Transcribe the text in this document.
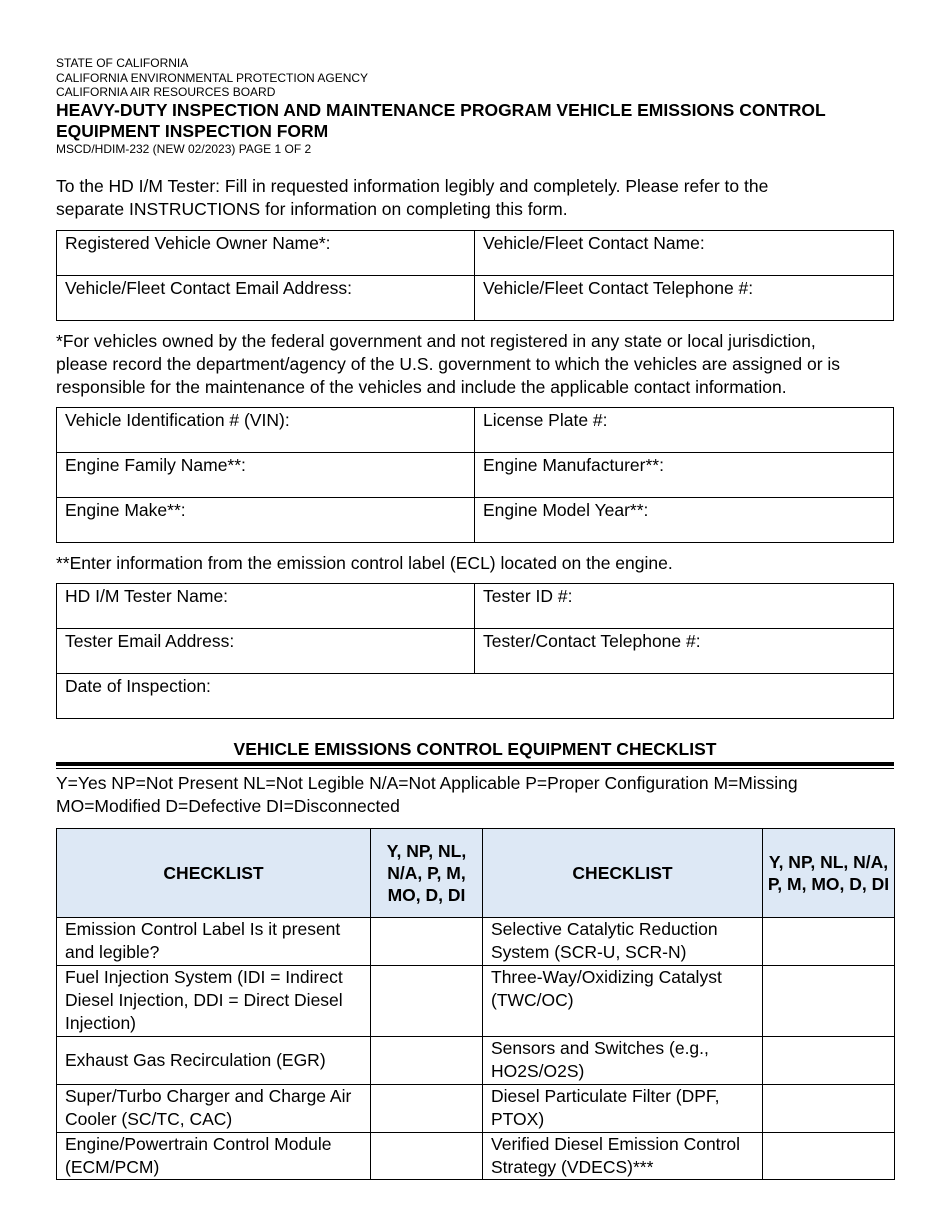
STATE OF CALIFORNIA

CALIFORNIA ENVIRONMENTAL PROTECTION AGENCY

CALIFORNIA AIR RESOURCES BOARD

HEAVY-DUTY INSPECTION AND MAINTENANCE PROGRAM VEHICLE EMISSIONS CONTROL

EQUIPMENT INSPECTION FORM

MSCD/HDIM-232 (NEW 02/2023) PAGE 1 OF 2

To the HD I/M Tester: Fill in requested information legibly and completely. Please refer to the

separate INSTRUCTIONS for information on completing this form.

Registered Vehicle Owner Name*:	Vehicle/Fleet Contact Name:
Vehicle/Fleet Contact Email Address:	Vehicle/Fleet Contact Telephone #:

*For vehicles owned by the federal government and not registered in any state or local jurisdiction,

please record the department/agency of the U.S. government to which the vehicles are assigned or is

responsible for the maintenance of the vehicles and include the applicable contact information.

Vehicle Identification # (VIN):	License Plate #:
Engine Family Name**:	Engine Manufacturer**:
Engine Make**:	Engine Model Year**:

**Enter information from the emission control label (ECL) located on the engine.

HD I/M Tester Name:	Tester ID #:
Tester Email Address:	Tester/Contact Telephone #:
Date of Inspection:	

VEHICLE EMISSIONS CONTROL EQUIPMENT CHECKLIST

Y=Yes NP=Not Present NL=Not Legible N/A=Not Applicable P=Proper Configuration M=Missing

MO=Modified D=Defective DI=Disconnected

CHECKLIST	Y, NP, NL, N/A, P, M, MO, D, DI	CHECKLIST	Y, NP, NL, N/A, P, M, MO, D, DI
Emission Control Label Is it present and legible?		Selective Catalytic Reduction System (SCR-U, SCR-N)	
Fuel Injection System (IDI = Indirect Diesel Injection, DDI = Direct Diesel Injection)		Three-Way/Oxidizing Catalyst (TWC/OC)	
Exhaust Gas Recirculation (EGR)		Sensors and Switches (e.g., HO2S/O2S)	
Super/Turbo Charger and Charge Air Cooler (SC/TC, CAC)		Diesel Particulate Filter (DPF, PTOX)	
Engine/Powertrain Control Module (ECM/PCM)		Verified Diesel Emission Control Strategy (VDECS)***	
